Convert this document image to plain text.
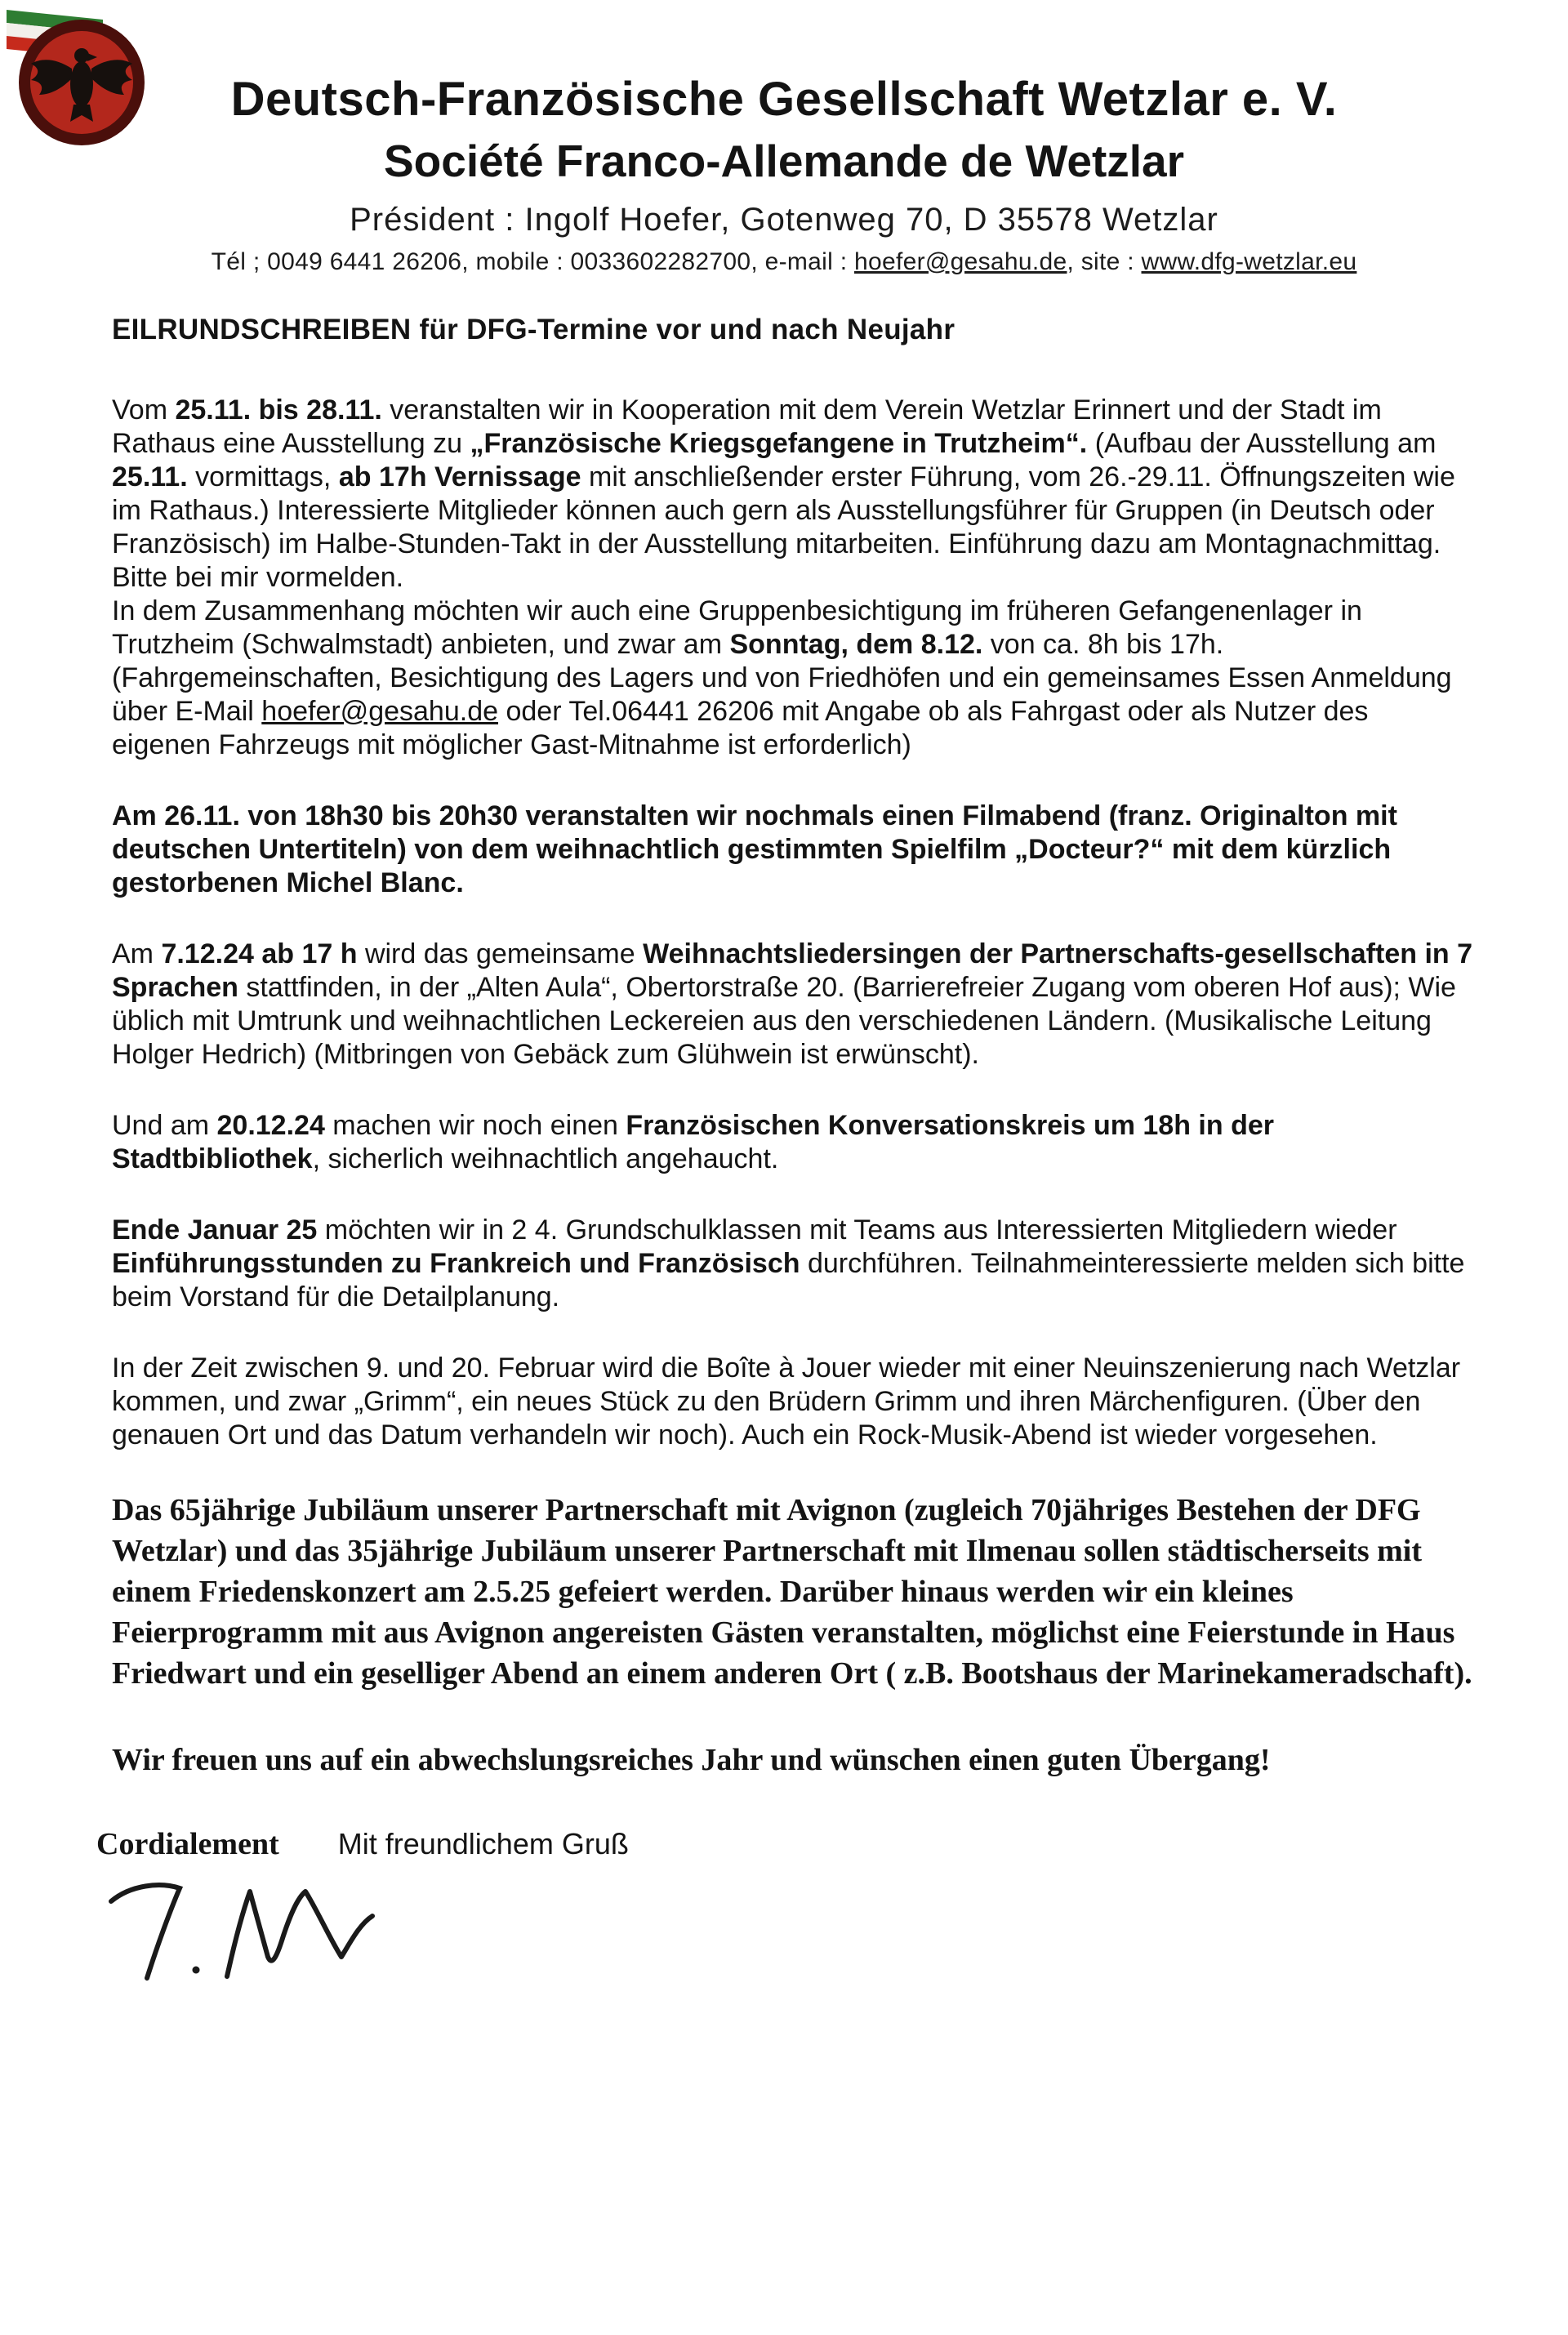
Deutsch-Französische Gesellschaft Wetzlar e. V.
Société Franco-Allemande de Wetzlar
Président : Ingolf Hoefer, Gotenweg 70, D 35578 Wetzlar
Tél ; 0049 6441 26206, mobile : 0033602282700, e-mail : hoefer@gesahu.de, site : www.dfg-wetzlar.eu
EILRUNDSCHREIBEN für DFG-Termine vor und nach Neujahr

Vom 25.11. bis 28.11. veranstalten wir in Kooperation mit dem Verein Wetzlar Erinnert und der Stadt im Rathaus eine Ausstellung zu „Französische Kriegsgefangene in Trutzheim“. (Aufbau der Ausstellung am 25.11. vormittags, ab 17h Vernissage mit anschließender erster Führung, vom 26.-29.11. Öffnungszeiten wie im Rathaus.) Interessierte Mitglieder können auch gern als Ausstellungsführer für Gruppen (in Deutsch oder Französisch) im Halbe-Stunden-Takt in der Ausstellung mitarbeiten. Einführung dazu am Montagnachmittag. Bitte bei mir vormelden.
In dem Zusammenhang möchten wir auch eine Gruppenbesichtigung im früheren Gefangenenlager in Trutzheim (Schwalmstadt) anbieten, und zwar am Sonntag, dem 8.12. von ca. 8h bis 17h. (Fahrgemeinschaften, Besichtigung des Lagers und von Friedhöfen und ein gemeinsames Essen Anmeldung über E-Mail hoefer@gesahu.de oder Tel.06441 26206 mit Angabe ob als Fahrgast oder als Nutzer des eigenen Fahrzeugs mit möglicher Gast-Mitnahme ist erforderlich)

Am 26.11. von 18h30 bis 20h30 veranstalten wir nochmals einen Filmabend (franz. Originalton mit deutschen Untertiteln) von dem weihnachtlich gestimmten Spielfilm „Docteur?“ mit dem kürzlich gestorbenen Michel Blanc.

Am 7.12.24 ab 17 h wird das gemeinsame Weihnachtsliedersingen der Partnerschafts-gesellschaften in 7 Sprachen stattfinden, in der „Alten Aula“, Obertorstraße 20. (Barrierefreier Zugang vom oberen Hof aus); Wie üblich mit Umtrunk und weihnachtlichen Leckereien aus den verschiedenen Ländern. (Musikalische Leitung Holger Hedrich) (Mitbringen von Gebäck zum Glühwein ist erwünscht).

Und am 20.12.24 machen wir noch einen Französischen Konversationskreis um 18h in der Stadtbibliothek, sicherlich weihnachtlich angehaucht.

Ende Januar 25 möchten wir in 2 4. Grundschulklassen mit Teams aus Interessierten Mitgliedern wieder Einführungsstunden zu Frankreich und Französisch durchführen. Teilnahmeinteressierte melden sich bitte beim Vorstand für die Detailplanung.

In der Zeit zwischen 9. und 20. Februar wird die Boîte à Jouer wieder mit einer Neuinszenierung nach Wetzlar kommen, und zwar „Grimm“, ein neues Stück zu den Brüdern Grimm und ihren Märchenfiguren. (Über den genauen Ort und das Datum verhandeln wir noch). Auch ein Rock-Musik-Abend ist wieder vorgesehen.

Das 65jährige Jubiläum unserer Partnerschaft mit Avignon (zugleich 70jähriges Bestehen der DFG Wetzlar) und das 35jährige Jubiläum unserer Partnerschaft mit Ilmenau sollen städtischerseits mit einem Friedenskonzert am 2.5.25 gefeiert werden. Darüber hinaus werden wir ein kleines Feierprogramm mit aus Avignon angereisten Gästen veranstalten, möglichst eine Feierstunde in Haus Friedwart und ein geselliger Abend an einem anderen Ort ( z.B. Bootshaus der Marinekameradschaft).

Wir freuen uns auf ein abwechslungsreiches Jahr und wünschen einen guten Übergang!

Cordialement Mit freundlichem Gruß
